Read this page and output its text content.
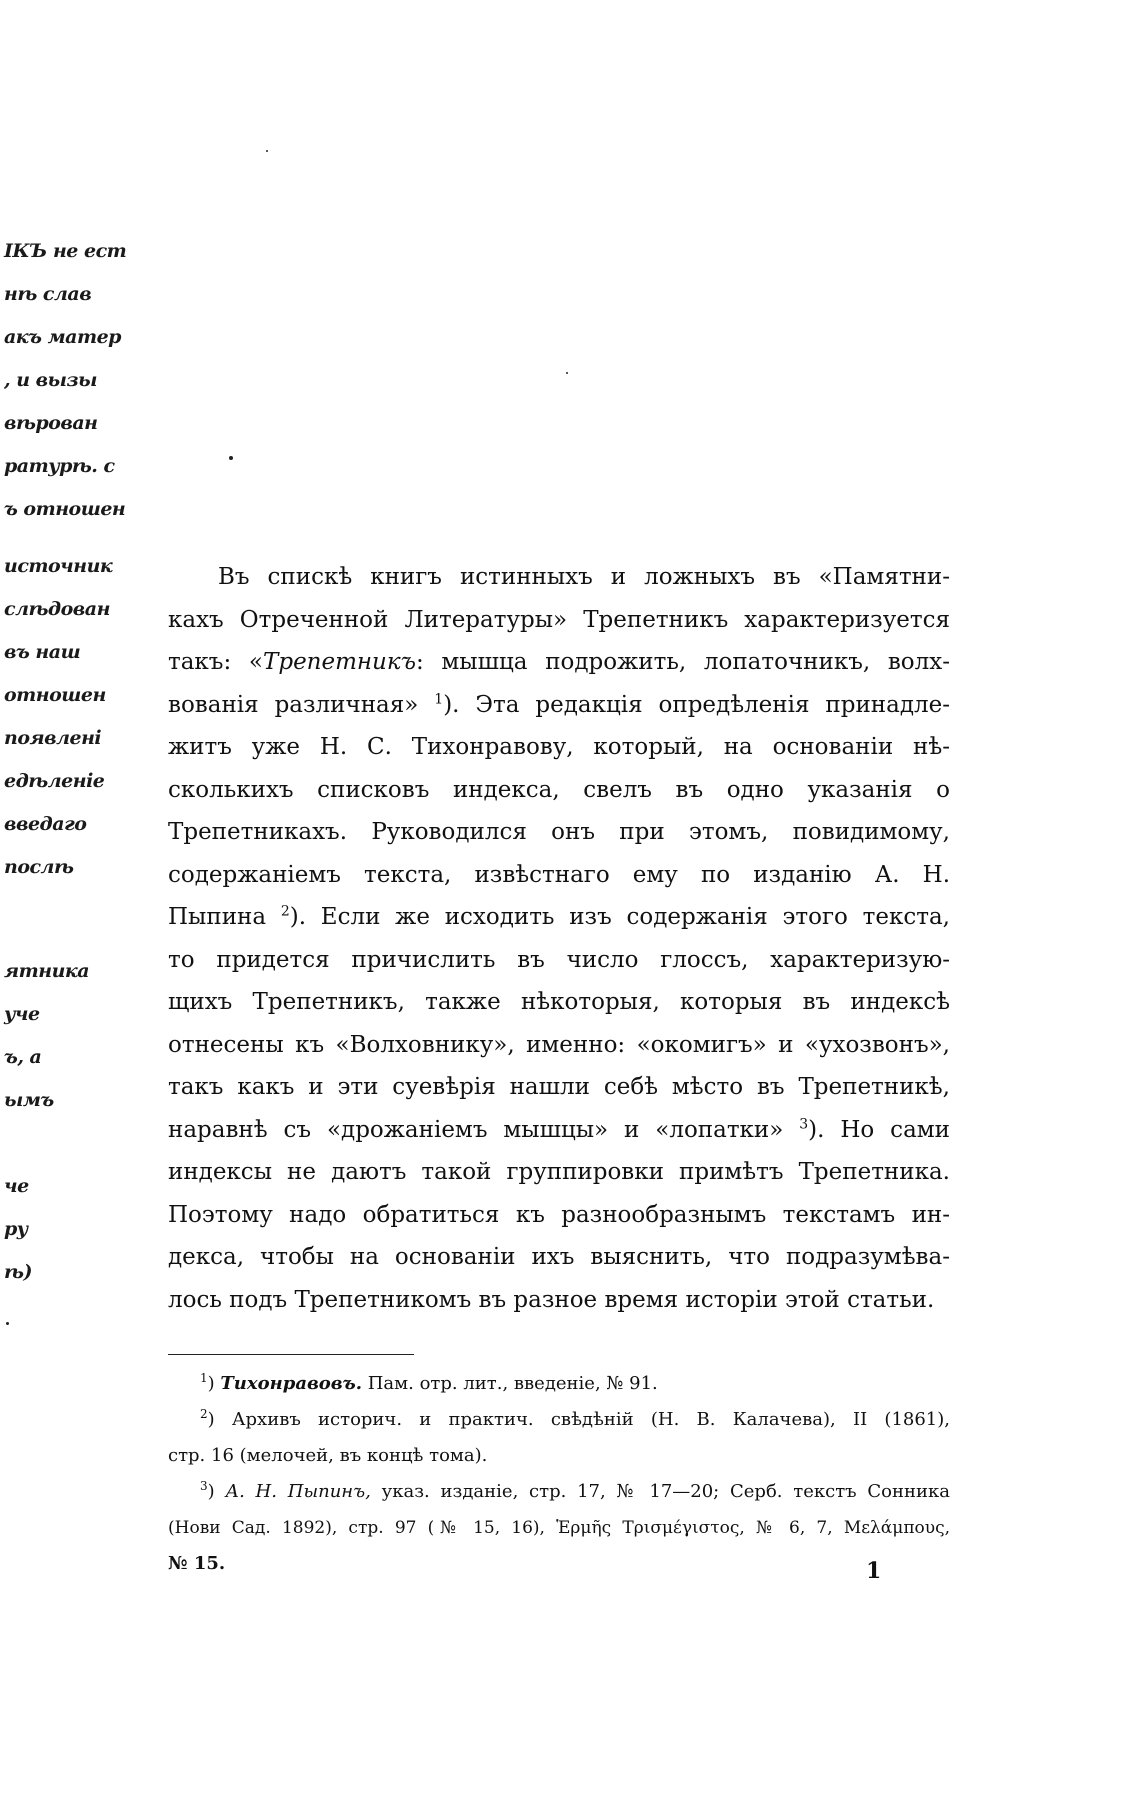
ІКЪ не ест
нѣ слав
акъ матер
, и вызы
вѣрован
ратурѣ. с
ъ отношен
источник
слѣдован
въ наш
отношен
появлені
едѣленіе
введаго
послѣ
ятника
уче
ъ, а
ымъ
че
ру
ѣ)
Въ спискѣ книгъ истинныхъ и ложныхъ въ «Памятни-
кахъ Отреченной Литературы» Трепетникъ характеризуется
такъ: «Трепетникъ: мышца подрожить, лопаточникъ, волх-
вованія различная» $^1$). Эта редакція опредѣленія принадле-
житъ уже Н. С. Тихонравову, который, на основаніи нѣ-
сколькихъ списковъ индекса, свелъ въ одно указанія о
Трепетникахъ. Руководился онъ при этомъ, повидимому,
содержаніемъ текста, извѣстнаго ему по изданію А. Н.
Пыпина $^2$). Если же исходить изъ содержанія этого текста,
то придется причислить въ число глоссъ, характеризую-
щихъ Трепетникъ, также нѣкоторыя, которыя въ индексѣ
отнесены къ «Волховнику», именно: «окомигъ» и «ухозвонъ»,
такъ какъ и эти суевѣрія нашли себѣ мѣсто въ Трепетникѣ,
наравнѣ съ «дрожаніемъ мышцы» и «лопатки» $^3$). Но сами
индексы не даютъ такой группировки примѣтъ Трепетника.
Поэтому надо обратиться къ разнообразнымъ текстамъ ин-
декса, чтобы на основаніи ихъ выяснить, что подразумѣва-
лось подъ Трепетникомъ въ разное время исторіи этой статьи.
$^1$) Тихонравовъ. Пам. отр. лит., введеніе, № 91.
$^2$) Архивъ историч. и практич. свѣдѣній (Н. В. Калачева), II (1861),
стр. 16 (мелочей, въ концѣ тома).
$^3$) А. Н. Пыпинъ, указ. изданіе, стр. 17, № 17—20; Серб. текстъ Сонника
(Нови Сад. 1892), стр. 97 (№ 15, 16), Ἑρμῆς Τρισμέγιστος, № 6, 7, Μελάμπους,
№ 15.	1
